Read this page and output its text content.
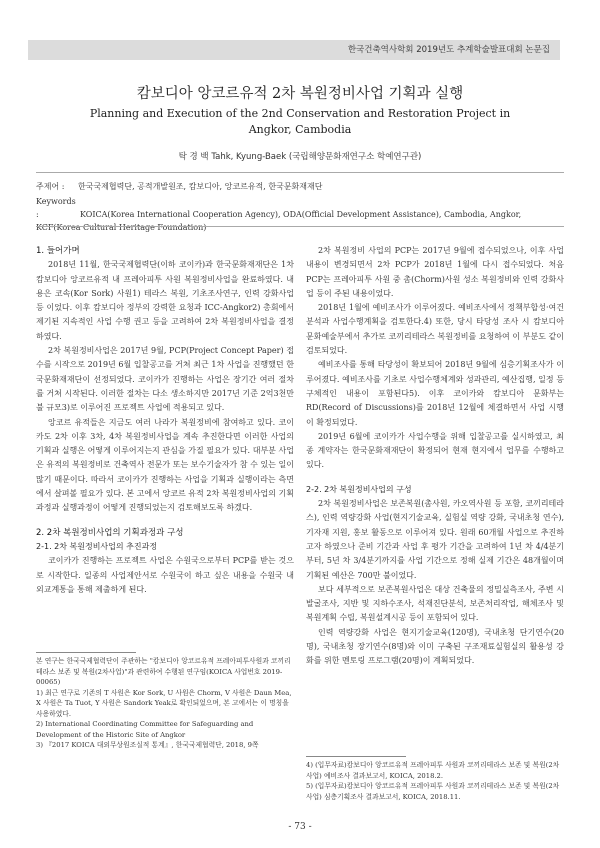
한국건축역사학회 2019년도 추계학술발표대회 논문집
캄보디아 앙코르유적 2차 복원정비사업 기획과 실행
Planning and Execution of the 2nd Conservation and Restoration Project in Angkor, Cambodia
탁 경 백 Tahk, Kyung-Baek (국립해양문화재연구소 학예연구관)
주제어 : 한국국제협력단, 공적개발원조, 캄보디아, 앙코르유적, 한국문화재재단
Keywords :	KOICA(Korea International Cooperation Agency), ODA(Official Development Assistance), Cambodia, Angkor, KCF(Korea Cultural Heritage Foundation)
1. 들어가며

2018년 11월, 한국국제협력단(이하 코이카)과 한국문화재재단은 1차 캄보디아 앙코르유적 내 프레아피투 사원 복원정비사업을 완료하였다. 내용은 코속(Kor Sork) 사원1) 테라스 복원, 기초조사연구, 인력 강화사업 등 이었다. 이후 캄보디아 정부의 강력한 요청과 ICC-Angkor2) 총회에서 제기된 지속적인 사업 수행 권고 등을 고려하여 2차 복원정비사업을 결정하였다.

2차 복원정비사업은 2017년 9월, PCP(Project Concept Paper) 접수를 시작으로 2019년 6월 입찰공고를 거쳐 최근 1차 사업을 진행했던 한국문화재재단이 선정되었다. 코이카가 진행하는 사업은 장기간 여러 절차를 거쳐 시작된다. 이러한 절차는 다소 생소하지만 2017년 기준 2억3천만불 규모3)로 이루어진 프로젝트 사업에 적용되고 있다.

앙코르 유적들은 지금도 여러 나라가 복원정비에 참여하고 있다. 코이카도 2차 이후 3차, 4차 복원정비사업을 계속 추진한다면 이러한 사업의 기획과 실행은 어떻게 이루어지는지 관심을 가질 필요가 있다. 대부분 사업은 유적의 복원정비로 건축역사 전문가 또는 보수기술자가 참 수 있는 일이 많기 때문이다. 따라서 코이카가 진행하는 사업을 기획과 실행이라는 측면에서 살펴볼 필요가 있다. 본 고에서 앙코르 유적 2차 복원정비사업의 기획과정과 실행과정이 어떻게 진행되었는지 검토해보도록 하겠다.

2. 2차 복원정비사업의 기획과정과 구성
2-1. 2차 복원정비사업의 추진과정

코이카가 진행하는 프로젝트 사업은 수원국으로부터 PCP를 받는 것으로 시작한다. 일종의 사업제안서로 수원국이 하고 싶은 내용을 수원국 내 외교계통을 통해 제출하게 된다.

본 연구는 한국국제협력단이 주관하는 "캄보디아 앙코르유적 프레아피투사원과 코끼리테라스 보존 및 복원(2차사업)"과 관련하여 수행된 연구임(KOICA 사업번호 2019-00065)
1) 최근 연구로 기존의 T 사원은 Kor Sork, U 사원은 Chorm, V 사원은 Daun Mea, X 사원은 Ta Tuot, Y 사원은 Sandork Yeak로 확인되었으며, 본 고에서는 이 명칭을 사용하였다.
2) International Coordinating Committee for Safeguarding and Development of the Historic Site of Angkor
3) 『2017 KOICA 대외무상원조실적 통계』, 한국국제협력단, 2018, 9쪽

2차 복원정비 사업의 PCP는 2017년 9월에 접수되었으나, 이후 사업내용이 변경되면서 2차 PCP가 2018년 1월에 다시 접수되었다. 처음 PCP는 프레아피투 사원 중 촘(Chorm)사원 성소 복원정비와 인력 강화사업 등이 주된 내용이었다.

2018년 1월에 예비조사가 이루어졌다. 예비조사에서 정책부합성·여건분석과 사업수행계획을 검토한다.4) 또한, 당시 타당성 조사 시 캄보디아 문화예술부에서 추가로 코끼리테라스 복원정비를 요청하여 이 부분도 같이 검토되었다.

예비조사를 통해 타당성이 확보되어 2018년 9월에 심층기획조사가 이루어졌다. 예비조사를 기초로 사업수행체계와 성과관리, 예산집행, 일정 등 구체적인 내용이 포함된다5). 이후 코이카와 캄보디아 문화부는 RD(Record of Discussions)를 2018년 12월에 체결하면서 사업 시행이 확정되었다.

2019년 6월에 코이카가 사업수행을 위해 입찰공고를 실시하였고, 최종 계약자는 한국문화재재단이 확정되어 현재 현지에서 업무를 수행하고 있다.

2-2. 2차 복원정비사업의 구성

2차 복원정비사업은 보존복원(촘사원, 카오역사원 등 포함, 코끼리테라스), 인력 역량강화 사업(현지기술교육, 실험실 역량 강화, 국내초청 연수), 기자재 지원, 홍보 활동으로 이루어져 있다. 원래 60개월 사업으로 추진하고자 하였으나 준비 기간과 사업 후 평가 기간을 고려하여 1년 차 4/4분기부터, 5년 차 3/4분기까지를 사업 기간으로 정해 실제 기간은 48개월이며 기획된 예산은 700만 불이었다.

보다 세부적으로 보존복원사업은 대상 건축물의 정밀실측조사, 주변 시발굴조사, 지반 및 지하수조사, 석재진단분석, 보존처리작업, 해체조사 및 복원계획 수립, 복원설계시공 등이 포함되어 있다.

인력 역량강화 사업은 현지기술교육(120명), 국내초청 단기연수(20명), 국내초청 장기연수(8명)와 이미 구축된 구조재료실험실의 활용성 강화를 위한 멘토링 프로그램(20명)이 계획되었다.

4) (입무자료)캄보디아 앙코르유적 프레아피투 사원과 코끼리테라스 보존 및 복원(2차 사업) 예비조사 결과보고서, KOICA, 2018.2.
5) (입무자료)캄보디아 앙코르유적 프레아피투 사원과 코끼리테라스 보존 및 복원(2차 사업) 심층기획조사 결과보고서, KOICA, 2018.11.
- 73 -
